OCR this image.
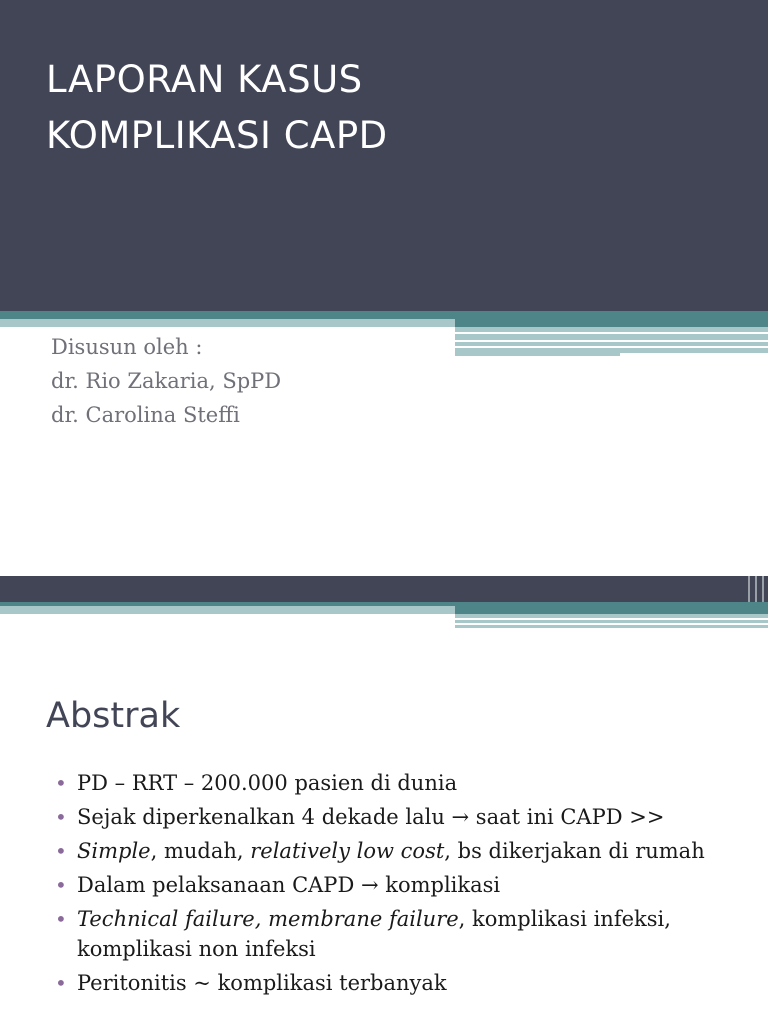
LAPORAN KASUS
KOMPLIKASI CAPD
Disusun oleh :
dr. Rio Zakaria, SpPD
dr. Carolina Steffi
Abstrak
• PD – RRT – 200.000 pasien di dunia
• Sejak diperkenalkan 4 dekade lalu → saat ini CAPD >>
• Simple, mudah, relatively low cost, bs dikerjakan di rumah
• Dalam pelaksanaan CAPD → komplikasi
• Technical failure, membrane failure, komplikasi infeksi, komplikasi non infeksi
• Peritonitis ~ komplikasi terbanyak
